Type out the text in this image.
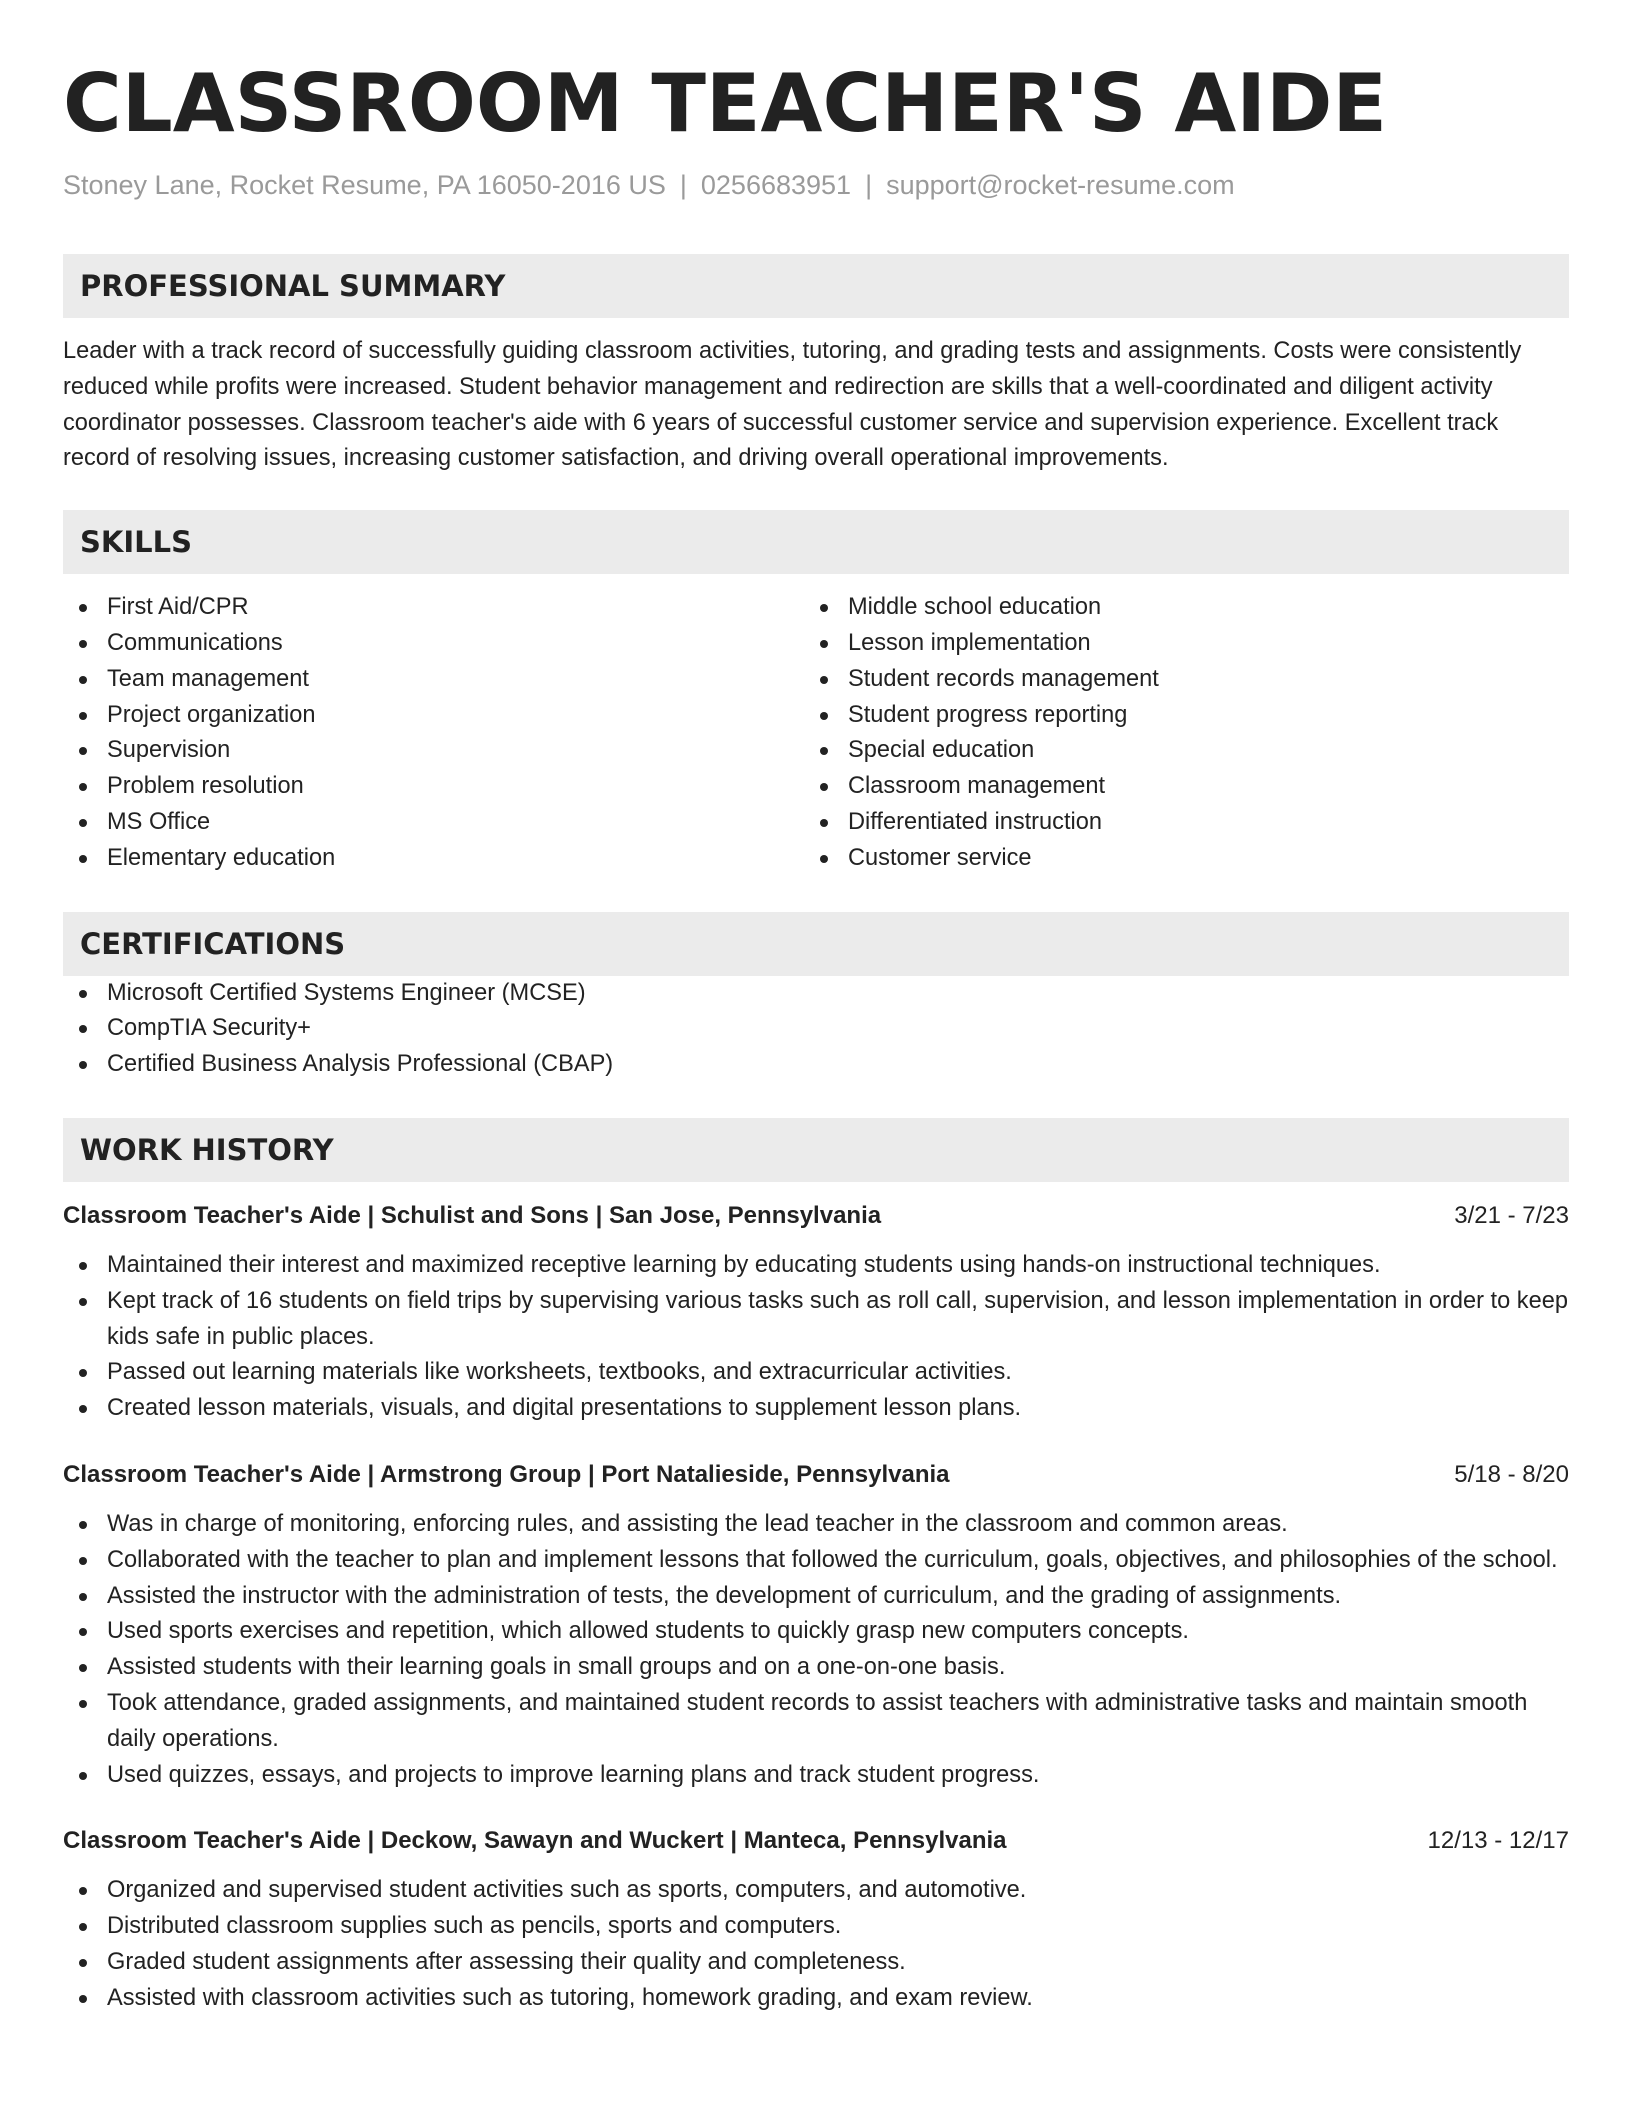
CLASSROOM TEACHER'S AIDE
Stoney Lane, Rocket Resume, PA 16050-2016 US | 0256683951 | support@rocket-resume.com
PROFESSIONAL SUMMARY

Leader with a track record of successfully guiding classroom activities, tutoring, and grading tests and assignments. Costs were consistently reduced while profits were increased. Student behavior management and redirection are skills that a well-coordinated and diligent activity coordinator possesses. Classroom teacher's aide with 6 years of successful customer service and supervision experience. Excellent track record of resolving issues, increasing customer satisfaction, and driving overall operational improvements.

SKILLS
First Aid/CPR
Communications
Team management
Project organization
Supervision
Problem resolution
MS Office
Elementary education
Middle school education
Lesson implementation
Student records management
Student progress reporting
Special education
Classroom management
Differentiated instruction
Customer service
CERTIFICATIONS
Microsoft Certified Systems Engineer (MCSE)
CompTIA Security+
Certified Business Analysis Professional (CBAP)
WORK HISTORY
Classroom Teacher's Aide | Schulist and Sons | San Jose, Pennsylvania	3/21 - 7/23
Maintained their interest and maximized receptive learning by educating students using hands-on instructional techniques.
Kept track of 16 students on field trips by supervising various tasks such as roll call, supervision, and lesson implementation in order to keep kids safe in public places.
Passed out learning materials like worksheets, textbooks, and extracurricular activities.
Created lesson materials, visuals, and digital presentations to supplement lesson plans.
Classroom Teacher's Aide | Armstrong Group | Port Natalieside, Pennsylvania	5/18 - 8/20
Was in charge of monitoring, enforcing rules, and assisting the lead teacher in the classroom and common areas.
Collaborated with the teacher to plan and implement lessons that followed the curriculum, goals, objectives, and philosophies of the school.
Assisted the instructor with the administration of tests, the development of curriculum, and the grading of assignments.
Used sports exercises and repetition, which allowed students to quickly grasp new computers concepts.
Assisted students with their learning goals in small groups and on a one-on-one basis.
Took attendance, graded assignments, and maintained student records to assist teachers with administrative tasks and maintain smooth daily operations.
Used quizzes, essays, and projects to improve learning plans and track student progress.
Classroom Teacher's Aide | Deckow, Sawayn and Wuckert | Manteca, Pennsylvania	12/13 - 12/17
Organized and supervised student activities such as sports, computers, and automotive.
Distributed classroom supplies such as pencils, sports and computers.
Graded student assignments after assessing their quality and completeness.
Assisted with classroom activities such as tutoring, homework grading, and exam review.
